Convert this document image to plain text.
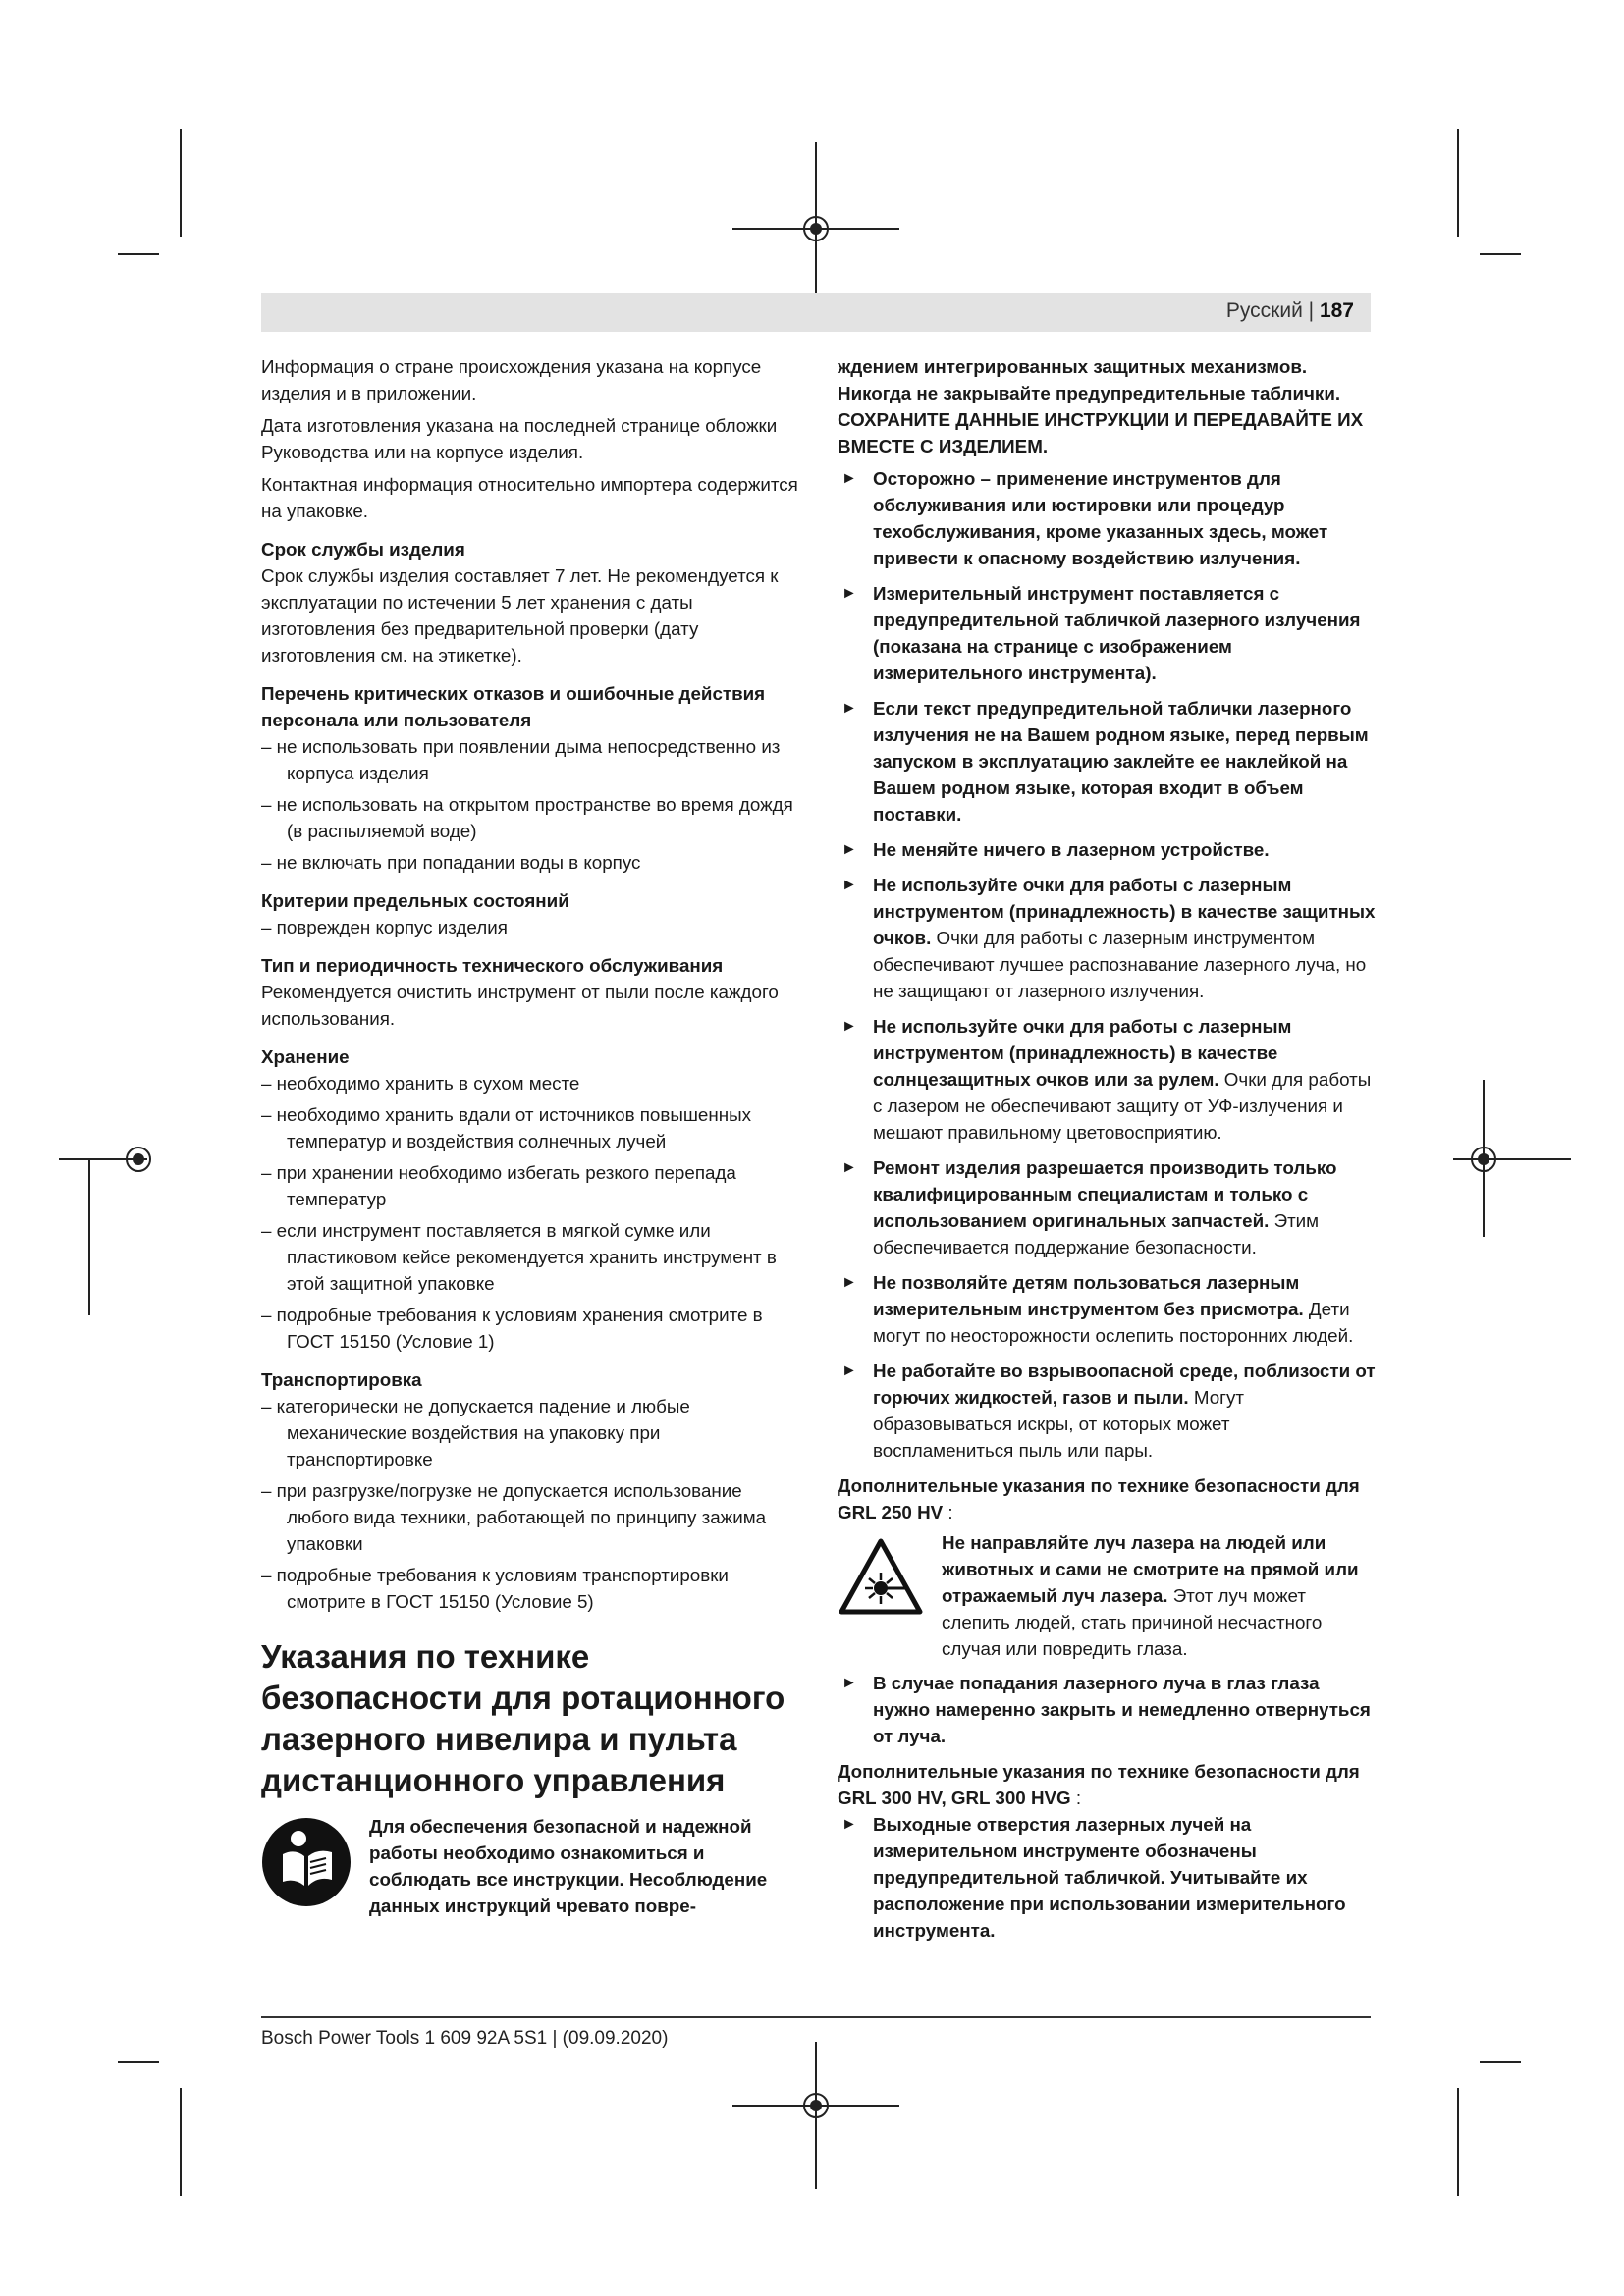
Русский | 187

Информация о стране происхождения указана на корпусе изделия и в приложении.

Дата изготовления указана на последней странице обложки Руководства или на корпусе изделия.

Контактная информация относительно импортера содержится на упаковке.

Срок службы изделия

Срок службы изделия составляет 7 лет. Не рекомендуется к эксплуатации по истечении 5 лет хранения с даты изготовления без предварительной проверки (дату изготовления см. на этикетке).

Перечень критических отказов и ошибочные действия персонала или пользователя
– не использовать при появлении дыма непосредственно из корпуса изделия
– не использовать на открытом пространстве во время дождя (в распыляемой воде)
– не включать при попадании воды в корпус
Критерии предельных состояний
– поврежден корпус изделия
Тип и периодичность технического обслуживания

Рекомендуется очистить инструмент от пыли после каждого использования.

Хранение
– необходимо хранить в сухом месте
– необходимо хранить вдали от источников повышенных температур и воздействия солнечных лучей
– при хранении необходимо избегать резкого перепада температур
– если инструмент поставляется в мягкой сумке или пластиковом кейсе рекомендуется хранить инструмент в этой защитной упаковке
– подробные требования к условиям хранения смотрите в ГОСТ 15150 (Условие 1)
Транспортировка
– категорически не допускается падение и любые механические воздействия на упаковку при транспортировке
– при разгрузке/погрузке не допускается использование любого вида техники, работающей по принципу зажима упаковки
– подробные требования к условиям транспортировки смотрите в ГОСТ 15150 (Условие 5)
Указания по технике безопасности для ротационного лазерного нивелира и пульта дистанционного управления
Для обеспечения безопасной и надежной работы необходимо ознакомиться и соблюдать все инструкции. Несоблюдение данных инструкций чревато повре-

ждением интегрированных защитных механизмов. Никогда не закрывайте предупредительные таблички. СОХРАНИТЕ ДАННЫЕ ИНСТРУКЦИИ И ПЕРЕДАВАЙТЕ ИХ ВМЕСТЕ С ИЗДЕЛИЕМ.

► Осторожно – применение инструментов для обслуживания или юстировки или процедур техобслуживания, кроме указанных здесь, может привести к опасному воздействию излучения.
► Измерительный инструмент поставляется с предупредительной табличкой лазерного излучения (показана на странице с изображением измерительного инструмента).
► Если текст предупредительной таблички лазерного излучения не на Вашем родном языке, перед первым запуском в эксплуатацию заклейте ее наклейкой на Вашем родном языке, которая входит в объем поставки.
► Не меняйте ничего в лазерном устройстве.
► Не используйте очки для работы с лазерным инструментом (принадлежность) в качестве защитных очков. Очки для работы с лазерным инструментом обеспечивают лучшее распознавание лазерного луча, но не защищают от лазерного излучения.
► Не используйте очки для работы с лазерным инструментом (принадлежность) в качестве солнцезащитных очков или за рулем. Очки для работы с лазером не обеспечивают защиту от УФ-излучения и мешают правильному цветовосприятию.
► Ремонт изделия разрешается производить только квалифицированным специалистам и только с использованием оригинальных запчастей. Этим обеспечивается поддержание безопасности.
► Не позволяйте детям пользоваться лазерным измерительным инструментом без присмотра. Дети могут по неосторожности ослепить посторонних людей.
► Не работайте во взрывоопасной среде, поблизости от горючих жидкостей, газов и пыли. Могут образовываться искры, от которых может воспламениться пыль или пары.
Дополнительные указания по технике безопасности для GRL 250 HV :
Не направляйте луч лазера на людей или животных и сами не смотрите на прямой или отражаемый луч лазера. Этот луч может слепить людей, стать причиной несчастного случая или повредить глаза.
► В случае попадания лазерного луча в глаз глаза нужно намеренно закрыть и немедленно отвернуться от луча.
Дополнительные указания по технике безопасности для GRL 300 HV, GRL 300 HVG :
► Выходные отверстия лазерных лучей на измерительном инструменте обозначены предупредительной табличкой. Учитывайте их расположение при использовании измерительного инструмента.
Bosch Power Tools 1 609 92A 5S1 | (09.09.2020)
